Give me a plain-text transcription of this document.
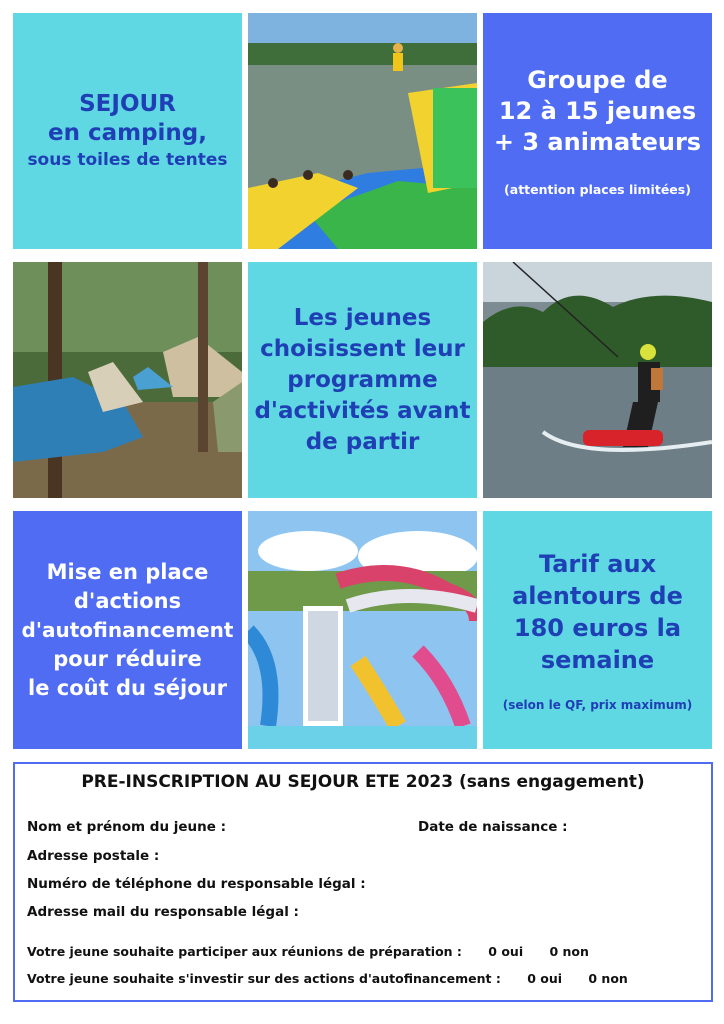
SEJOUR
en camping,
sous toiles de tentes
Groupe de
12 à 15 jeunes
+ 3 animateurs
(attention places limitées)
Les jeunes
choisissent leur
programme
d'activités avant
de partir
Mise en place
d'actions
d'autofinancement
pour réduire
le coût du séjour
Tarif aux
alentours de
180 euros la
semaine
(selon le QF, prix maximum)
PRE-INSCRIPTION AU SEJOUR ETE 2023 (sans engagement)
Nom et prénom du jeune :	Date de naissance :
Adresse postale :
Numéro de téléphone du responsable légal :
Adresse mail du responsable légal :
Votre jeune souhaite participer aux réunions de préparation : 0 oui 0 non
Votre jeune souhaite s'investir sur des actions d'autofinancement : 0 oui 0 non
